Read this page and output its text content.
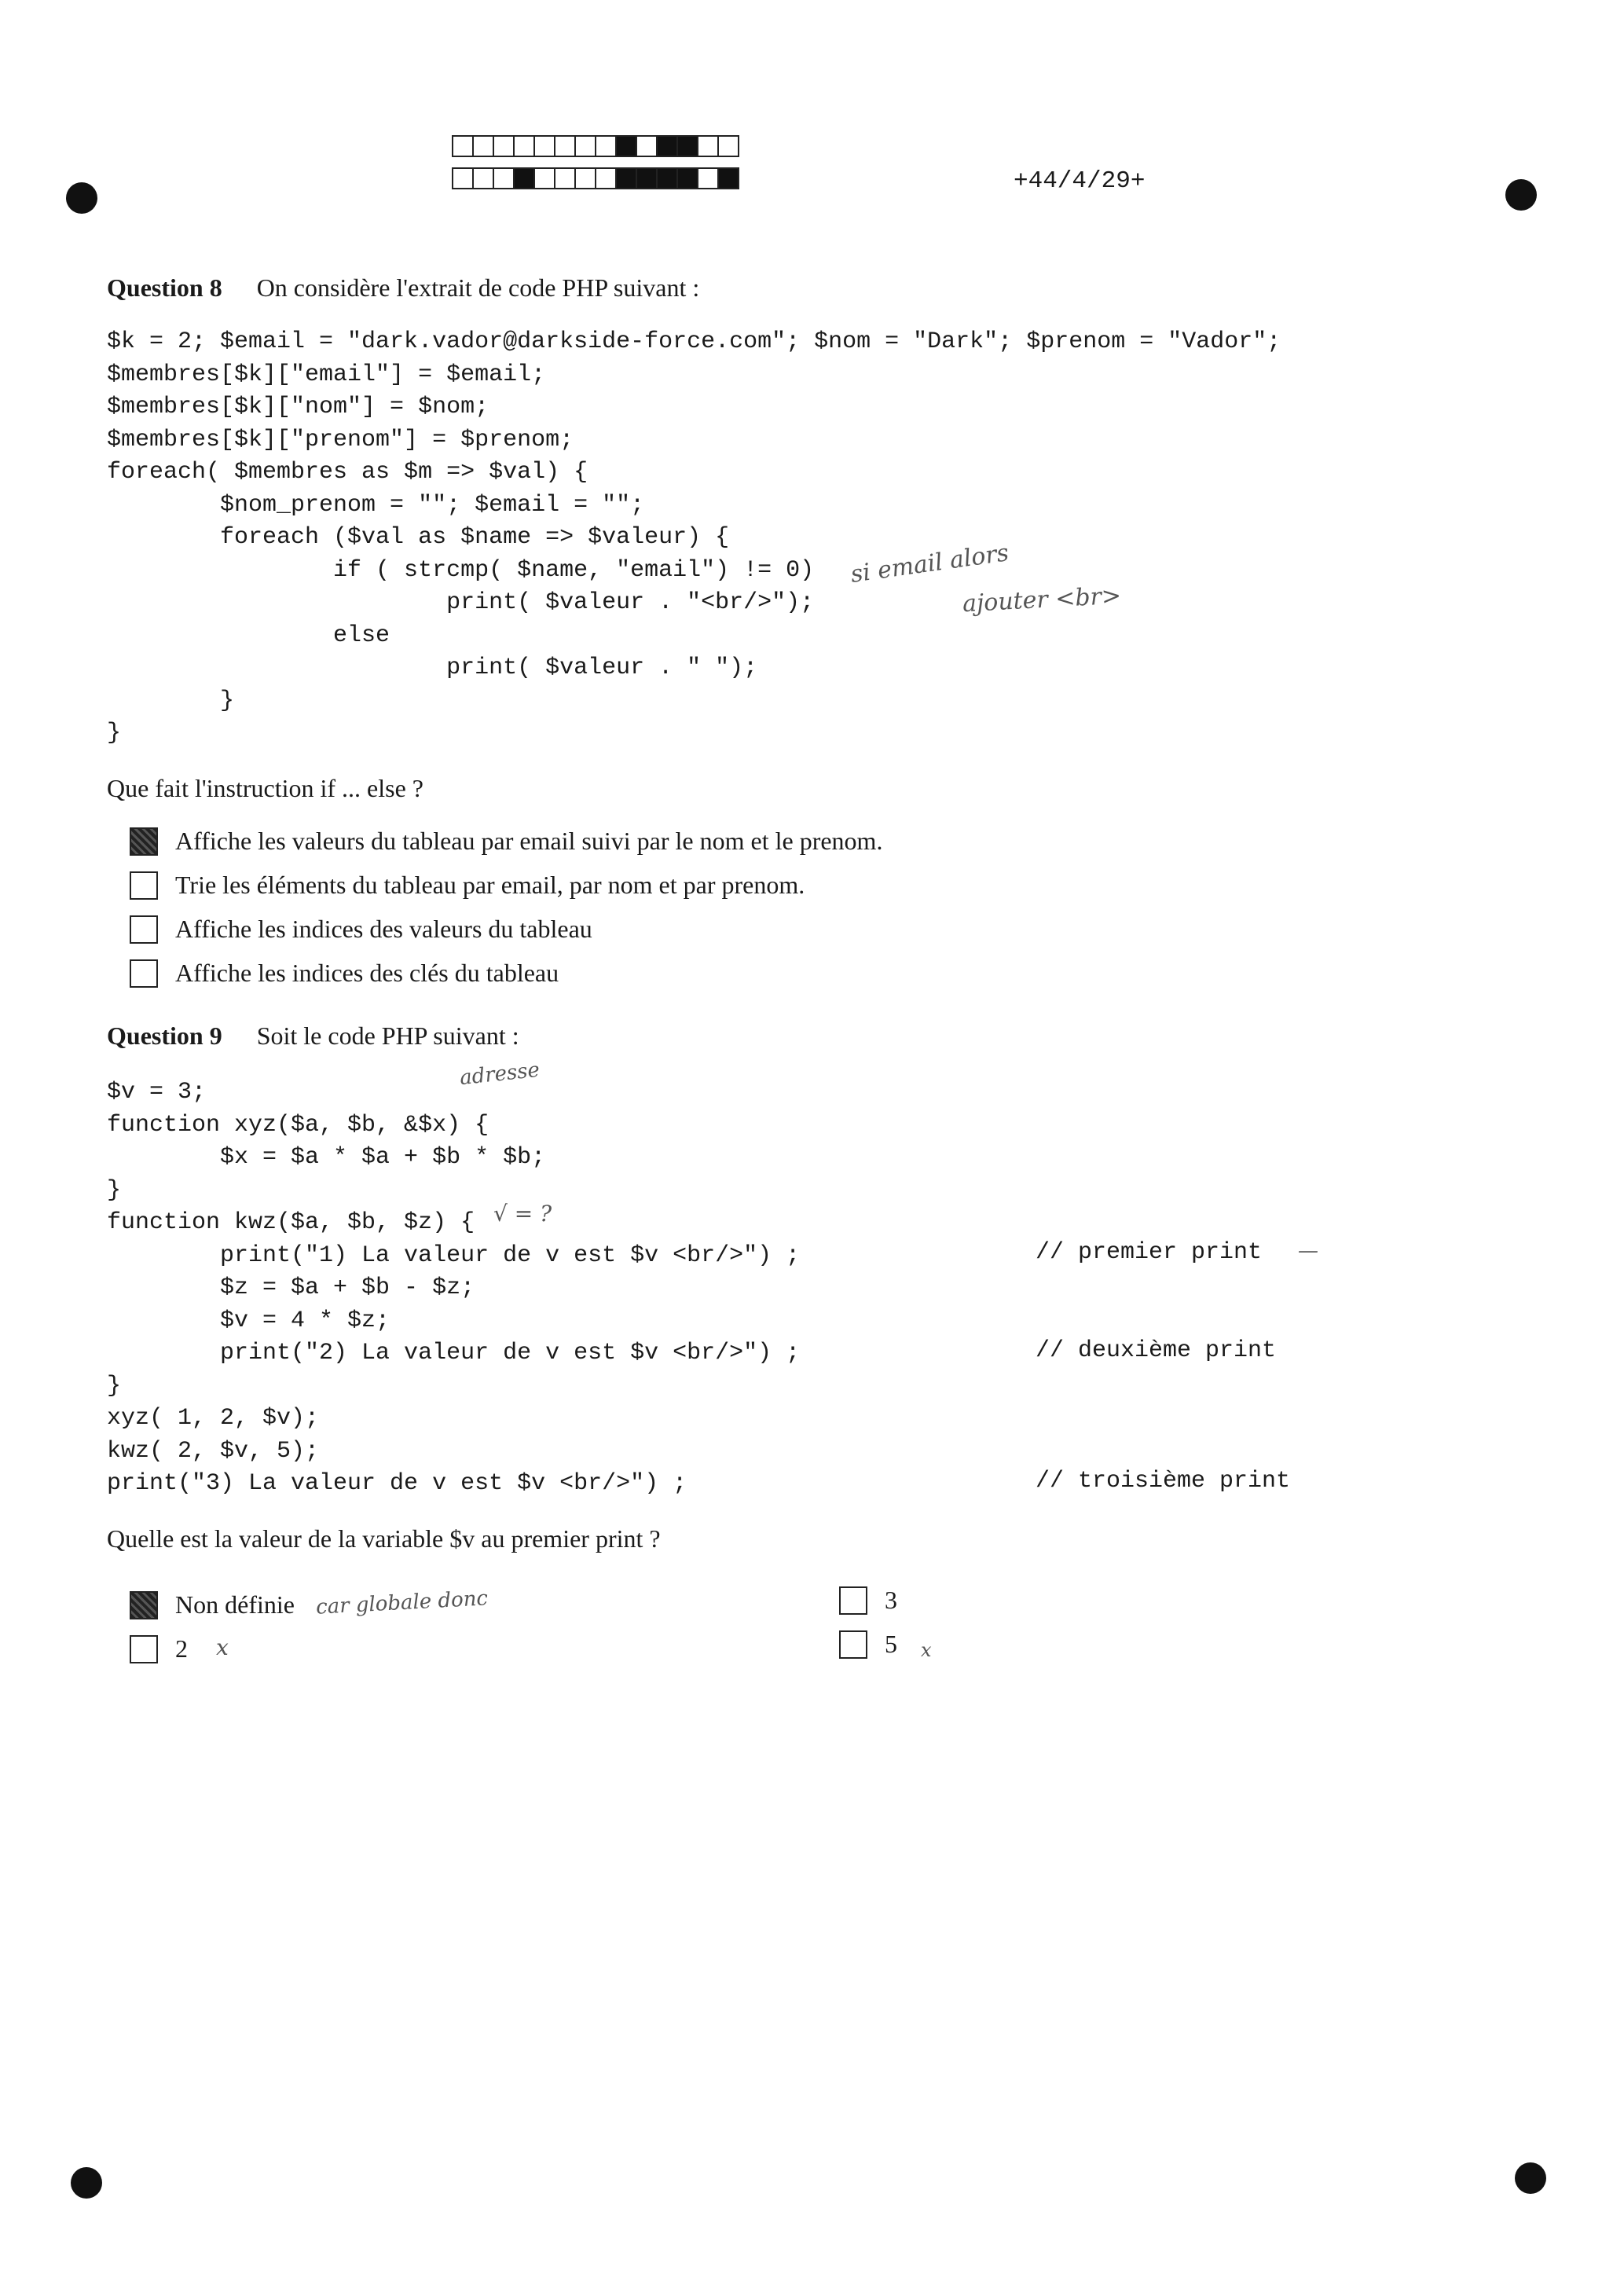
+44/4/29+
Question 8 On considère l'extrait de code PHP suivant :
$k = 2; $email = "dark.vador@darkside-force.com"; $nom = "Dark"; $prenom = "Vador";
$membres[$k]["email"] = $email;
$membres[$k]["nom"] = $nom;
$membres[$k]["prenom"] = $prenom;
foreach( $membres as $m => $val) {
$nom_prenom = ""; $email = "";
foreach ($val as $name => $valeur) {
if ( strcmp( $name, "email") != 0)
print( $valeur . "<br/>");
else
print( $valeur . " ");
}
}
si email alors
ajouter <br>
Que fait l'instruction if ... else ?
Affiche les valeurs du tableau par email suivi par le nom et le prenom.
Trie les éléments du tableau par email, par nom et par prenom.
Affiche les indices des valeurs du tableau
Affiche les indices des clés du tableau
Question 9 Soit le code PHP suivant :
$v = 3;
function xyz($a, $b, &$x) {
$x = $a * $a + $b * $b;
}
function kwz($a, $b, $z) {
print("1) La valeur de v est $v <br/>") ;
$z = $a + $b - $z;
$v = 4 * $z;
print("2) La valeur de v est $v <br/>") ;
}
xyz( 1, 2, $v);
kwz( 2, $v, 5);
print("3) La valeur de v est $v <br/>") ;
// premier print
// deuxième print
// troisième print
adresse
√ = ?
—
Quelle est la valeur de la variable $v au premier print ?
Non définie car globale donc	3
2 x	5 x
